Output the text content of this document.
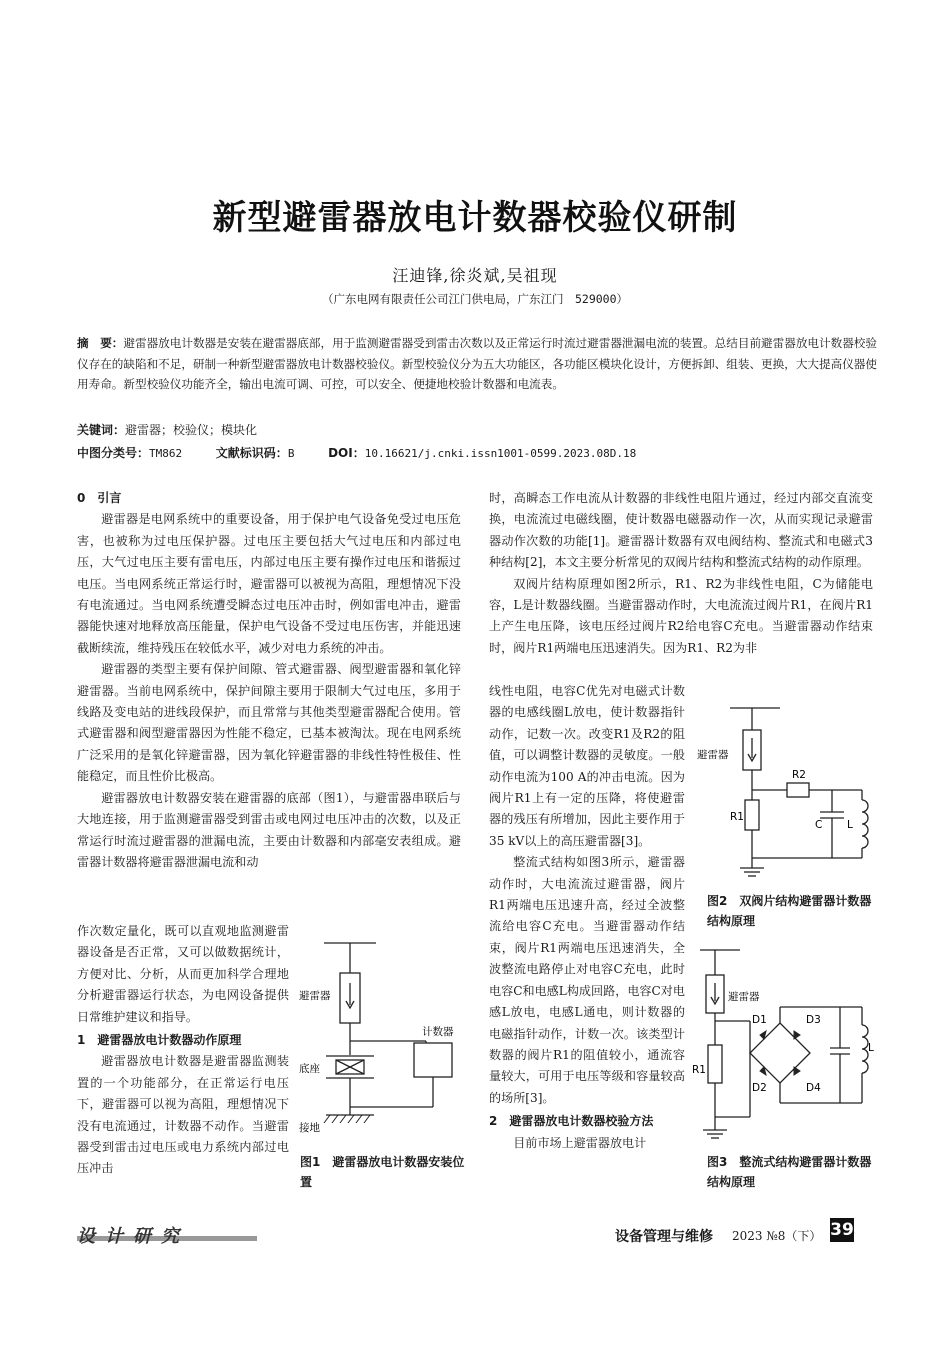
新型避雷器放电计数器校验仪研制
汪迪锋,徐炎斌,吴祖现
（广东电网有限责任公司江门供电局，广东江门　529000）
摘　要：避雷器放电计数器是安装在避雷器底部，用于监测避雷器受到雷击次数以及正常运行时流过避雷器泄漏电流的装置。总结目前避雷器放电计数器校验仪存在的缺陷和不足，研制一种新型避雷器放电计数器校验仪。新型校验仪分为五大功能区，各功能区模块化设计，方便拆卸、组装、更换，大大提高仪器使用寿命。新型校验仪功能齐全，输出电流可调、可控，可以安全、便捷地校验计数器和电流表。
关键词：避雷器；校验仪；模块化
中图分类号：TM862	文献标识码：B	DOI：10.16621/j.cnki.issn1001-0599.2023.08D.18
0　引言

避雷器是电网系统中的重要设备，用于保护电气设备免受过电压危害，也被称为过电压保护器。过电压主要包括大气过电压和内部过电压，大气过电压主要有雷电压，内部过电压主要有操作过电压和谐振过电压。当电网系统正常运行时，避雷器可以被视为高阻，理想情况下没有电流通过。当电网系统遭受瞬态过电压冲击时，例如雷电冲击，避雷器能快速对地释放高压能量，保护电气设备不受过电压伤害，并能迅速截断续流，维持残压在较低水平，减少对电力系统的冲击。

避雷器的类型主要有保护间隙、管式避雷器、阀型避雷器和氧化锌避雷器。当前电网系统中，保护间隙主要用于限制大气过电压，多用于线路及变电站的进线段保护，而且常常与其他类型避雷器配合使用。管式避雷器和阀型避雷器因为性能不稳定，已基本被淘汰。现在电网系统广泛采用的是氧化锌避雷器，因为氧化锌避雷器的非线性特性极佳、性能稳定，而且性价比极高。

避雷器放电计数器安装在避雷器的底部（图1），与避雷器串联后与大地连接，用于监测避雷器受到雷击或电网过电压冲击的次数，以及正常运行时流过避雷器的泄漏电流，主要由计数器和内部毫安表组成。避雷器计数器将避雷器泄漏电流和动

作次数定量化，既可以直观地监测避雷器设备是否正常，又可以做数据统计，方便对比、分析，从而更加科学合理地分析避雷器运行状态，为电网设备提供日常维护建议和指导。

1　避雷器放电计数器动作原理

避雷器放电计数器是避雷器监测装置的一个功能部分，在正常运行电压下，避雷器可以视为高阻，理想情况下没有电流通过，计数器不动作。当避雷器受到雷击过电压或电力系统内部过电压冲击

避雷器
计数器
底座
接地
图1　 避雷器放电计数器安装位置

时，高瞬态工作电流从计数器的非线性电阻片通过，经过内部交直流变换，电流流过电磁线圈，使计数器电磁器动作一次，从而实现记录避雷器动作次数的功能[1]。避雷器计数器有双电阀结构、整流式和电磁式3种结构[2]，本文主要分析常见的双阀片结构和整流式结构的动作原理。

双阀片结构原理如图2所示，R1、R2为非线性电阻，C为储能电容，L是计数器线圈。当避雷器动作时，大电流流过阀片R1，在阀片R1上产生电压降，该电压经过阀片R2给电容C充电。当避雷器动作结束时，阀片R1两端电压迅速消失。因为R1、R2为非

线性电阻，电容C优先对电磁式计数器的电感线圈L放电，使计数器指针动作，记数一次。改变R1及R2的阻值，可以调整计数器的灵敏度。一般动作电流为100 A的冲击电流。因为阀片R1上有一定的压降，将使避雷器的残压有所增加，因此主要作用于35 kV以上的高压避雷器[3]。

整流式结构如图3所示，避雷器动作时，大电流流过避雷器，阀片R1两端电压迅速升高，经过全波整流给电容C充电。当避雷器动作结束，阀片R1两端电压迅速消失，全波整流电路停止对电容C充电，此时电容C和电感L构成回路，电容C对电感L放电，电感L通电，则计数器的电磁指针动作，计数一次。该类型计数器的阀片R1的阻值较小，通流容量较大，可用于电压等级和容量较高的场所[3]。

2　避雷器放电计数器校验方法

目前市场上避雷器放电计

避雷器
R2
R1
C L
图2　 双阀片结构避雷器计数器结构原理
避雷器
D1	D3
D2	D4
R1
L
图3　 整流式结构避雷器计数器结构原理
设计研究	设备管理与维修 2023 №8（下） 39
